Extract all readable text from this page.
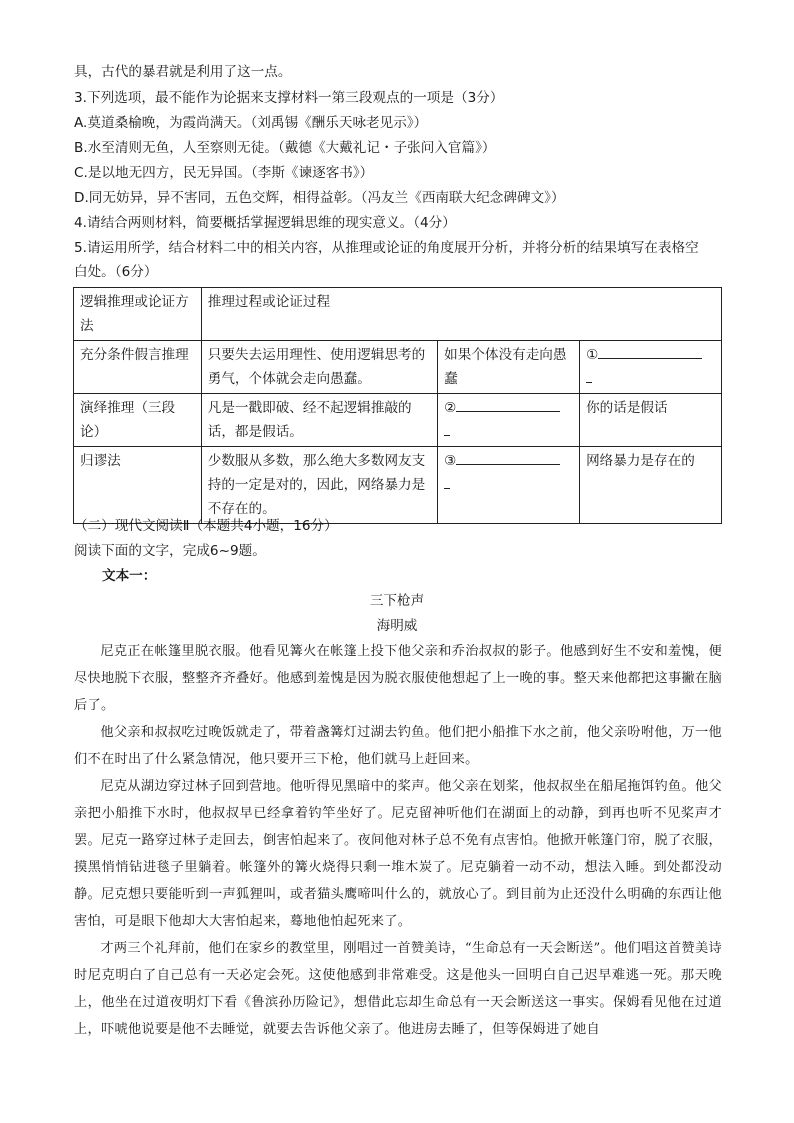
具，古代的暴君就是利用了这一点。
3.下列选项，最不能作为论据来支撑材料一第三段观点的一项是（3分）
A.莫道桑榆晚，为霞尚满天。（刘禹锡《酬乐天咏老见示》）
B.水至清则无鱼，人至察则无徒。（戴德《大戴礼记・子张问入官篇》）
C.是以地无四方，民无异国。（李斯《谏逐客书》）
D.同无妨异，异不害同，五色交辉，相得益彰。（冯友兰《西南联大纪念碑碑文》）
4.请结合两则材料，简要概括掌握逻辑思维的现实意义。（4分）
5.请运用所学，结合材料二中的相关内容，从推理或论证的角度展开分析，并将分析的结果填写在表格空
白处。（6分）
逻辑推理或论证方法	推理过程或论证过程		
充分条件假言推理	只要失去运用理性、使用逻辑思考的勇气，个体就会走向愚蠢。	如果个体没有走向愚蠢	①

演绎推理（三段论）	凡是一戳即破、经不起逻辑推敲的话，都是假话。	②	你的话是假话
归谬法	少数服从多数，那么绝大多数网友支持的一定是对的，因此，网络暴力是不存在的。	③	网络暴力是存在的
（二）现代文阅读Ⅱ（本题共4小题，16分）
阅读下面的文字，完成6~9题。
文本一：
三下枪声
海明威

尼克正在帐篷里脱衣服。他看见篝火在帐篷上投下他父亲和乔治叔叔的影子。他感到好生不安和羞愧，便尽快地脱下衣服，整整齐齐叠好。他感到羞愧是因为脱衣服使他想起了上一晚的事。整天来他都把这事撇在脑后了。

他父亲和叔叔吃过晚饭就走了，带着盏篝灯过湖去钓鱼。他们把小船推下水之前，他父亲吩咐他，万一他们不在时出了什么紧急情况，他只要开三下枪，他们就马上赶回来。

尼克从湖边穿过林子回到营地。他听得见黑暗中的桨声。他父亲在划桨，他叔叔坐在船尾拖饵钓鱼。他父亲把小船推下水时，他叔叔早已经拿着钓竿坐好了。尼克留神听他们在湖面上的动静，到再也听不见桨声才罢。尼克一路穿过林子走回去，倒害怕起来了。夜间他对林子总不免有点害怕。他掀开帐篷门帘，脱了衣服，摸黑悄悄钻进毯子里躺着。帐篷外的篝火烧得只剩一堆木炭了。尼克躺着一动不动，想法入睡。到处都没动静。尼克想只要能听到一声狐狸叫，或者猫头鹰啼叫什么的，就放心了。到目前为止还没什么明确的东西让他害怕，可是眼下他却大大害怕起来，蓦地他怕起死来了。

才两三个礼拜前，他们在家乡的教堂里，刚唱过一首赞美诗，“生命总有一天会断送”。他们唱这首赞美诗时尼克明白了自己总有一天必定会死。这使他感到非常难受。这是他头一回明白自己迟早难逃一死。那天晚上，他坐在过道夜明灯下看《鲁滨孙历险记》，想借此忘却生命总有一天会断送这一事实。保姆看见他在过道上，吓唬他说要是他不去睡觉，就要去告诉他父亲了。他进房去睡了，但等保姆进了她自
